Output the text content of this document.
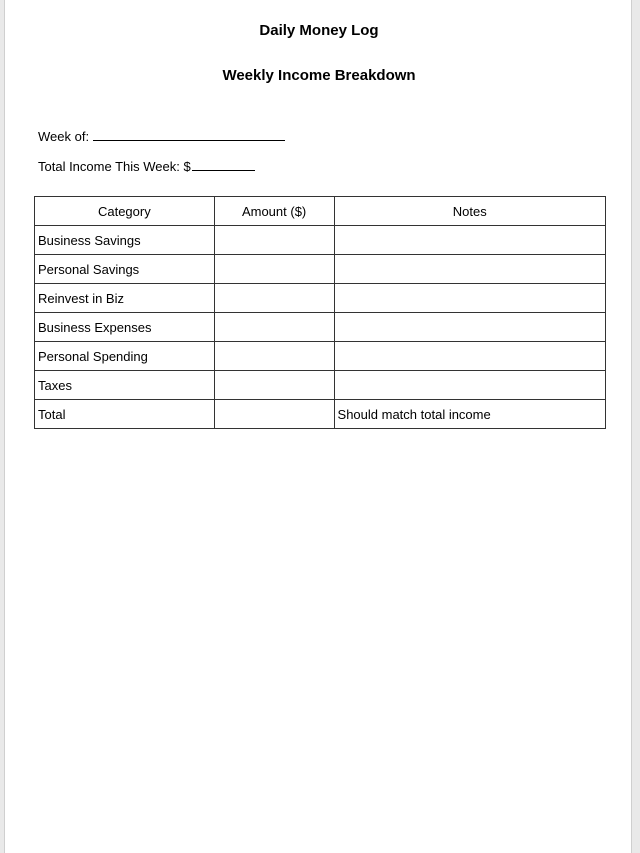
Daily Money Log
Weekly Income Breakdown
Week of:
Total Income This Week: $
Category	Amount ($)	Notes
Business Savings		
Personal Savings		
Reinvest in Biz		
Business Expenses		
Personal Spending		
Taxes		
Total		Should match total income
